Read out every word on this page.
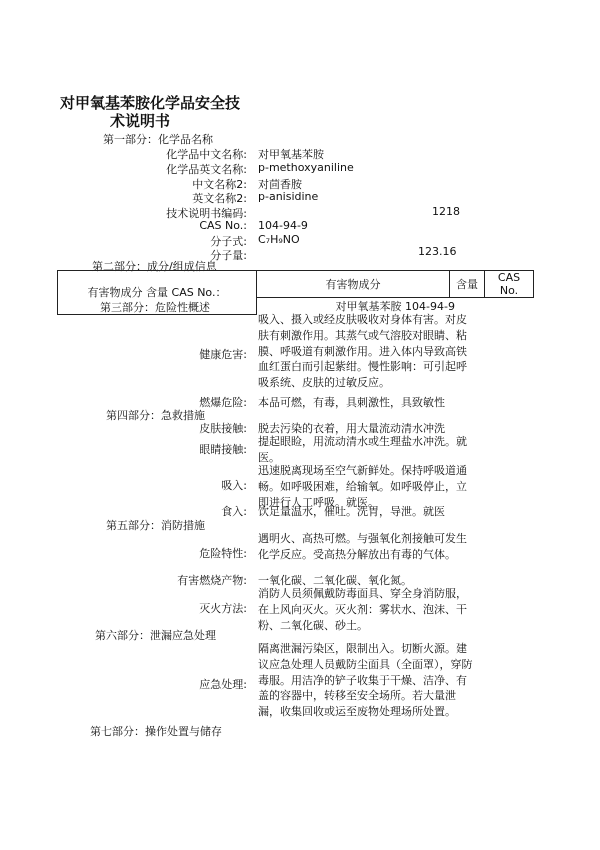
对甲氧基苯胺化学品安全技
术说明书
第一部分：化学品名称
化学品中文名称: 对甲氧基苯胺
化学品英文名称: p-methoxyaniline
中文名称2: 对茴香胺
英文名称2: p-anisidine
技术说明书编码:	1218
CAS No.: 104-94-9
分子式: C₇H₉NO
分子量:	123.16
第二部分：成分/组成信息
有害物成分 含量 CAS No.：	有害物成分	含量	CAS No.
对甲氧基苯胺 104-94-9
第三部分：危险性概述
健康危害:
吸入、摄入或经皮肤吸收对身体有害。对皮肤有刺激作用。其蒸气或气溶胶对眼睛、粘膜、呼吸道有刺激作用。进入体内导致高铁血红蛋白而引起紫绀。慢性影响：可引起呼吸系统、皮肤的过敏反应。
燃爆危险: 本品可燃，有毒，具刺激性，具致敏性
第四部分：急救措施
皮肤接触: 脱去污染的衣着，用大量流动清水冲洗
眼睛接触:
提起眼睑，用流动清水或生理盐水冲洗。就医。
吸入:
迅速脱离现场至空气新鲜处。保持呼吸道通畅。如呼吸困难，给输氧。如呼吸停止，立即进行人工呼吸。就医。
食入: 饮足量温水，催吐。洗胃，导泄。就医
第五部分：消防措施
危险特性:
遇明火、高热可燃。与强氧化剂接触可发生化学反应。受高热分解放出有毒的气体。
有害燃烧产物: 一氧化碳、二氧化碳、氧化氮。
灭火方法:
消防人员须佩戴防毒面具、穿全身消防服，在上风向灭火。灭火剂：雾状水、泡沫、干粉、二氧化碳、砂土。
第六部分：泄漏应急处理
应急处理:
隔离泄漏污染区，限制出入。切断火源。建议应急处理人员戴防尘面具（全面罩），穿防毒服。用洁净的铲子收集于干燥、洁净、有盖的容器中，转移至安全场所。若大量泄漏，收集回收或运至废物处理场所处置。
第七部分：操作处置与储存
